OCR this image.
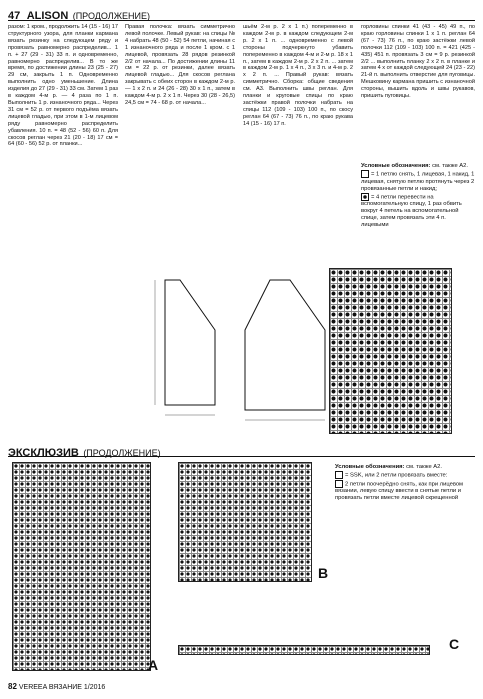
47 ALISON (ПРОДОЛЖЕНИЕ)

разом: 1 кром., продолжить 14 (15 - 16) 17 структурного узора, для планки кармана вязать резинку на следующем ряду и провязать равномерно распределив... 1 п. + 27 (29 - 31) 33 п. и одновременно, равномерно распределив... В то же время, по достижении длины 23 (25 - 27) 29 см, закрыть 1 п. Одновременно выполнить одно уменьшение. Длина изделия до 27 (29 - 31) 33 см. Затем 1 раз в каждом 4-м р. — 4 раза по 1 п. Выполнить 1 р. изнаночного ряда... Через 31 см = 52 р. от первого подъёма вязать лицевой гладью, при этом в 1-м лицевом ряду равномерно распределить убавления. 10 п. = 48 (52 - 56) 60 п. Для скосов реглан через 21 (20 - 18) 17 см = 64 (60 - 56) 52 р. от планки...

Правая полочка: вязать симметрично левой полочке. Левый рукав: на спицы № 4 набрать 48 (50 - 52) 54 петли, начиная с 1 изнаночного ряда и после 1 кром. с 1 лицевой, провязать 28 рядов резинкой 2/2 от начала... По достижении длины 11 см = 22 р. от резинки, далее вязать лицевой гладью... Для скосов реглана закрывать с обеих сторон в каждом 2-м р. — 1 х 2 п. и 24 (26 - 28) 30 х 1 п., затем в каждом 4-м р. 2 х 1 п. Через 30 (28 - 26,5) 24,5 см = 74 - 68 р. от начала...

шьём 2-м р. 2 х 1 п.) попеременно в каждом 2-м р. в каждом следующем 2-м р. 2 х 1 п. ... одновременно с левой стороны подчеркнуто убавить попеременно в каждом 4-м и 2-м р. 18 х 1 п., затем в каждом 2-м р. 2 х 2 п. ... затем в каждом 2-м р. 1 х 4 п., 3 х 3 п. и 4-м р. 2 х 2 п. ... Правый рукав: вязать симметрично. Сборка: общие сведения см. А3. Выполнить швы реглан. Для планки и круговые спицы по краю застёжки правой полочки набрать на спицы 112 (109 - 103) 100 п., по скосу реглан 64 (67 - 73) 76 п., по краю рукава 14 (15 - 16) 17 п.

горловины спинки 41 (43 - 45) 49 п., по краю горловины спинки 1 х 1 п. реглан 64 (67 - 73) 76 п., по краю застёжки левой полочки 112 (109 - 103) 100 п. = 421 (425 - 435) 451 п. провязать 3 см = 9 р. резинкой 2/2 ... выполнить планку 2 х 2 п. в планке и затем 4 х от каждой следующей 24 (23 - 22) 21-й п. выполнить отверстие для пуговицы. Мешковину кармана пришить с изнаночной стороны, вышить вдоль и швы рукавов, пришить пуговицы.

Условные обозначения: см. также А2.
= 1 петлю снять, 1 лицевая, 1 накид, 1 лицевая, снятую петлю протянуть через 2 провязанные петли и накид;
= 4 петли перевести на вспомогательную спицу, 1 раз обвить вокруг 4 петель на вспомогательной спице, затем провязать эти 4 п. лицевыми
ЭКСКЛЮЗИВ (ПРОДОЛЖЕНИЕ)
A
B
Условные обозначения: см. также А2.
= SSK, или 2 петли провязать вместе:
2 петли поочерёдно снять, как при лицевом вязании, левую спицу ввести в снятые петли и провязать петли вместе лицевой скрещенной
C
82 VEREEA ВЯЗАНИЕ 1/2016
